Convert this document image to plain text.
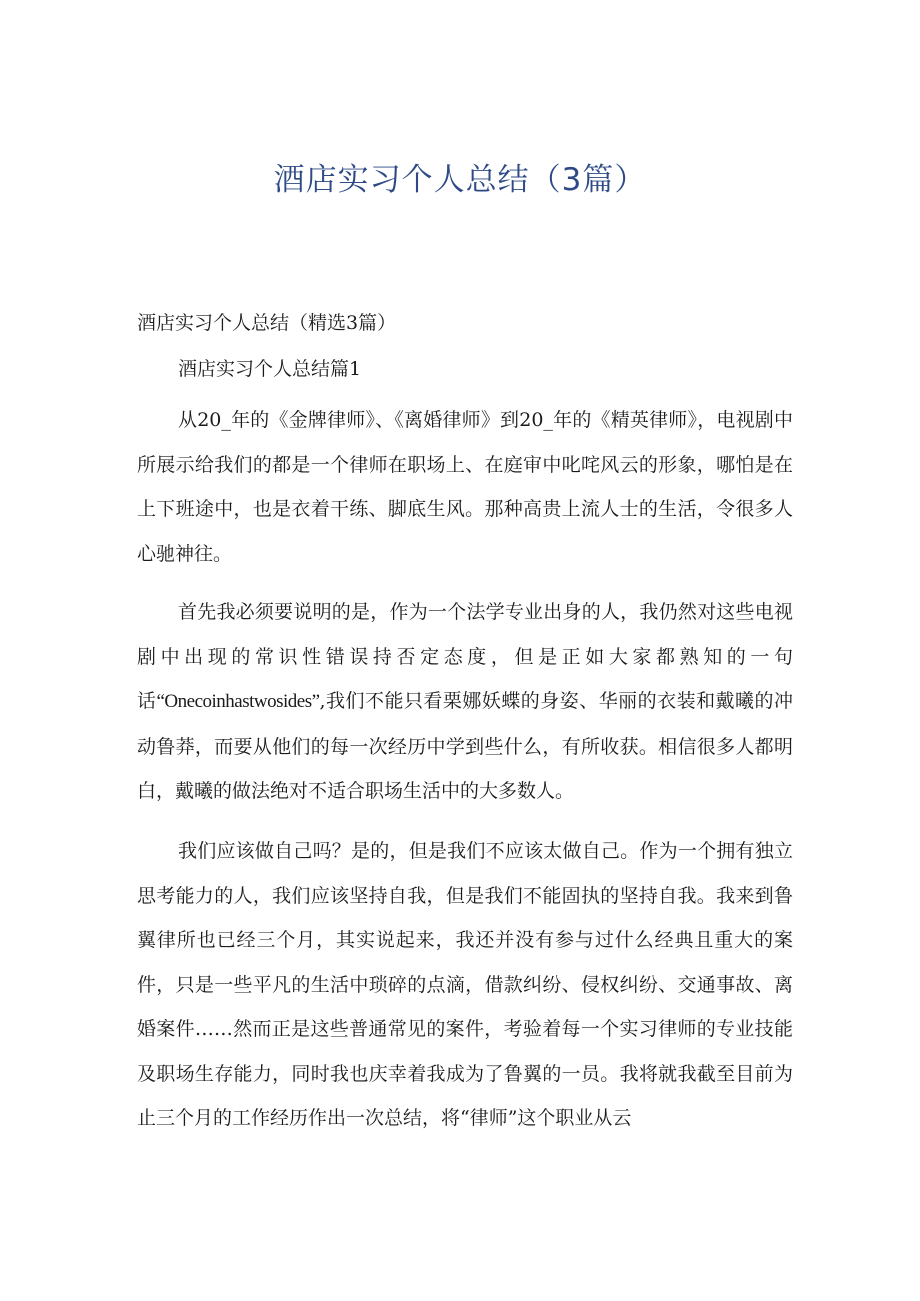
酒店实习个人总结（3篇）
酒店实习个人总结（精选3篇）
酒店实习个人总结篇1

从20_年的《金牌律师》、《离婚律师》到20_年的《精英律师》，电视剧中所展示给我们的都是一个律师在职场上、在庭审中叱咤风云的形象，哪怕是在上下班途中，也是衣着干练、脚底生风。那种高贵上流人士的生活，令很多人心驰神往。

首先我必须要说明的是，作为一个法学专业出身的人，我仍然对这些电视剧中出现的常识性错误持否定态度，但是正如大家都熟知的一句话“Onecoinhastwosides”,我们不能只看栗娜妖蝶的身姿、华丽的衣装和戴曦的冲动鲁莽，而要从他们的每一次经历中学到些什么，有所收获。相信很多人都明白，戴曦的做法绝对不适合职场生活中的大多数人。

我们应该做自己吗？是的，但是我们不应该太做自己。作为一个拥有独立思考能力的人，我们应该坚持自我，但是我们不能固执的坚持自我。我来到鲁翼律所也已经三个月，其实说起来，我还并没有参与过什么经典且重大的案件，只是一些平凡的生活中琐碎的点滴，借款纠纷、侵权纠纷、交通事故、离婚案件……然而正是这些普通常见的案件，考验着每一个实习律师的专业技能及职场生存能力，同时我也庆幸着我成为了鲁翼的一员。我将就我截至目前为止三个月的工作经历作出一次总结，将“律师”这个职业从云
